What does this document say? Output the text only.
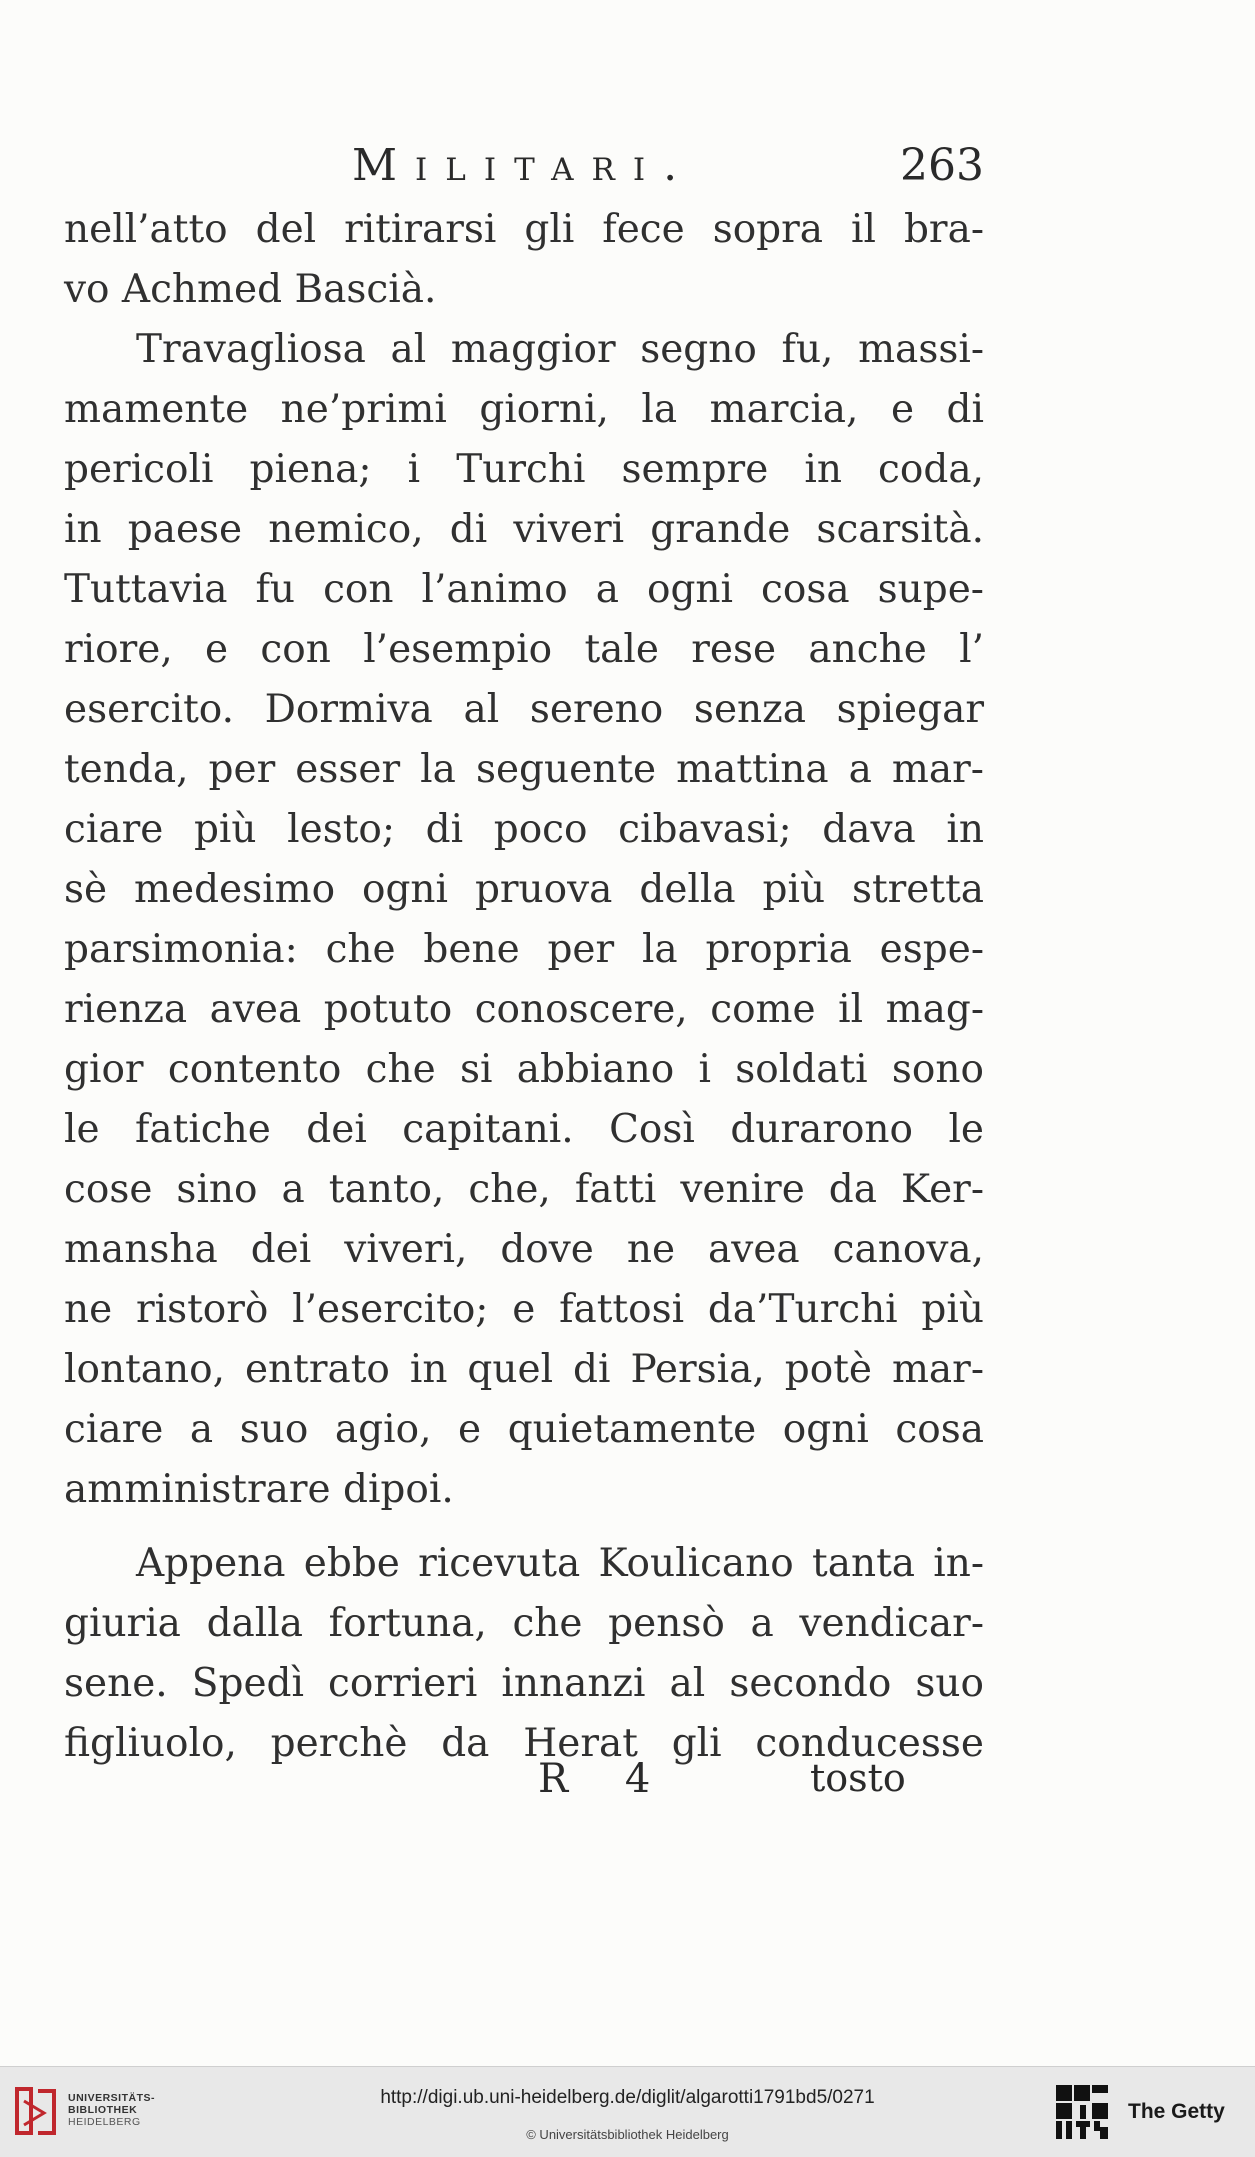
Militari.	263
nell’atto del ritirarsi gli fece sopra il bra-
vo Achmed Bascià.
Travagliosa al maggior segno fu, massi-
mamente ne’primi giorni, la marcia, e di
pericoli piena; i Turchi sempre in coda,
in paese nemico, di viveri grande scarsità.
Tuttavia fu con l’animo a ogni cosa supe-
riore, e con l’esempio tale rese anche l’
esercito. Dormiva al sereno senza spiegar
tenda, per esser la seguente mattina a mar-
ciare più lesto; di poco cibavasi; dava in
sè medesimo ogni pruova della più stretta
parsimonia: che bene per la propria espe-
rienza avea potuto conoscere, come il mag-
gior contento che si abbiano i soldati sono
le fatiche dei capitani. Così durarono le
cose sino a tanto, che, fatti venire da Ker-
mansha dei viveri, dove ne avea canova,
ne ristorò l’esercito; e fattosi da’Turchi più
lontano, entrato in quel di Persia, potè mar-
ciare a suo agio, e quietamente ogni cosa
amministrare dipoi.
Appena ebbe ricevuta Koulicano tanta in-
giuria dalla fortuna, che pensò a vendicar-
sene. Spedì corrieri innanzi al secondo suo
figliuolo, perchè da Herat gli conducesse
R 4	tosto
UNIVERSITÄTS-
BIBLIOTHEK
HEIDELBERG
http://digi.ub.uni-heidelberg.de/diglit/algarotti1791bd5/0271
© Universitätsbibliothek Heidelberg
The Getty
